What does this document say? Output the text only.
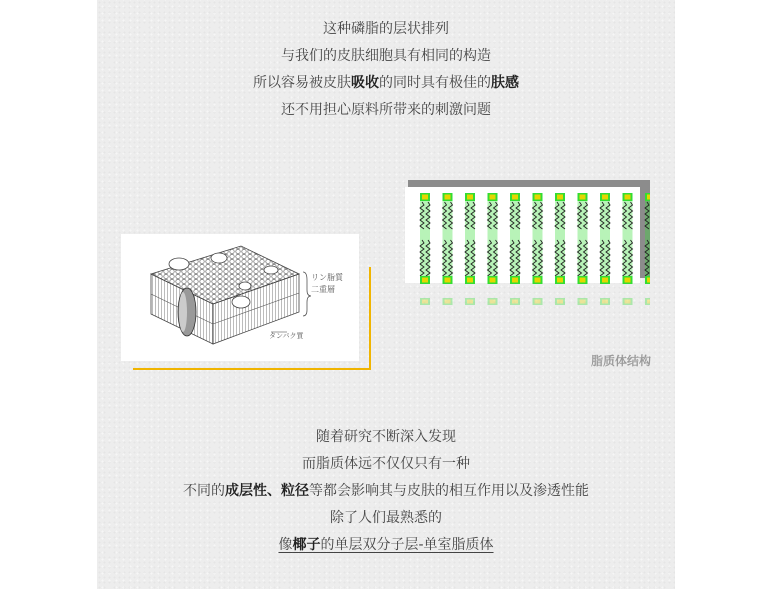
这种磷脂的层状排列
与我们的皮肤细胞具有相同的构造
所以容易被皮肤吸收的同时具有极佳的肤感
还不用担心原料所带来的刺激问题
リン脂質
二重層
タンパク質
脂质体结构
随着研究不断深入发现
而脂质体远不仅仅只有一种
不同的成层性、粒径等都会影响其与皮肤的相互作用以及渗透性能
除了人们最熟悉的
像椰子的单层双分子层-单室脂质体
